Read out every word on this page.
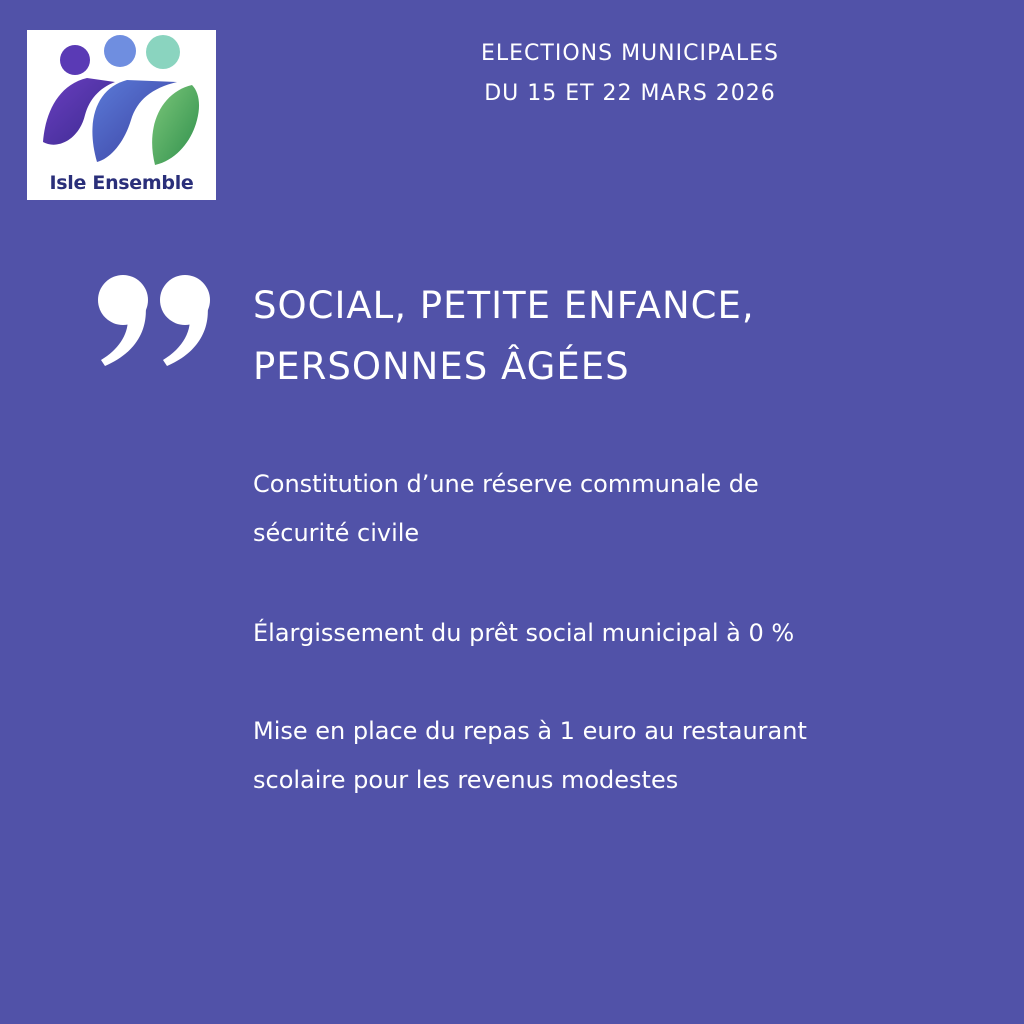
Isle Ensemble
ELECTIONS MUNICIPALES
DU 15 ET 22 MARS 2026
SOCIAL, PETITE ENFANCE,
PERSONNES ÂGÉES
Constitution d’une réserve communale de
sécurité civile
Élargissement du prêt social municipal à 0 %
Mise en place du repas à 1 euro au restaurant
scolaire pour les revenus modestes
